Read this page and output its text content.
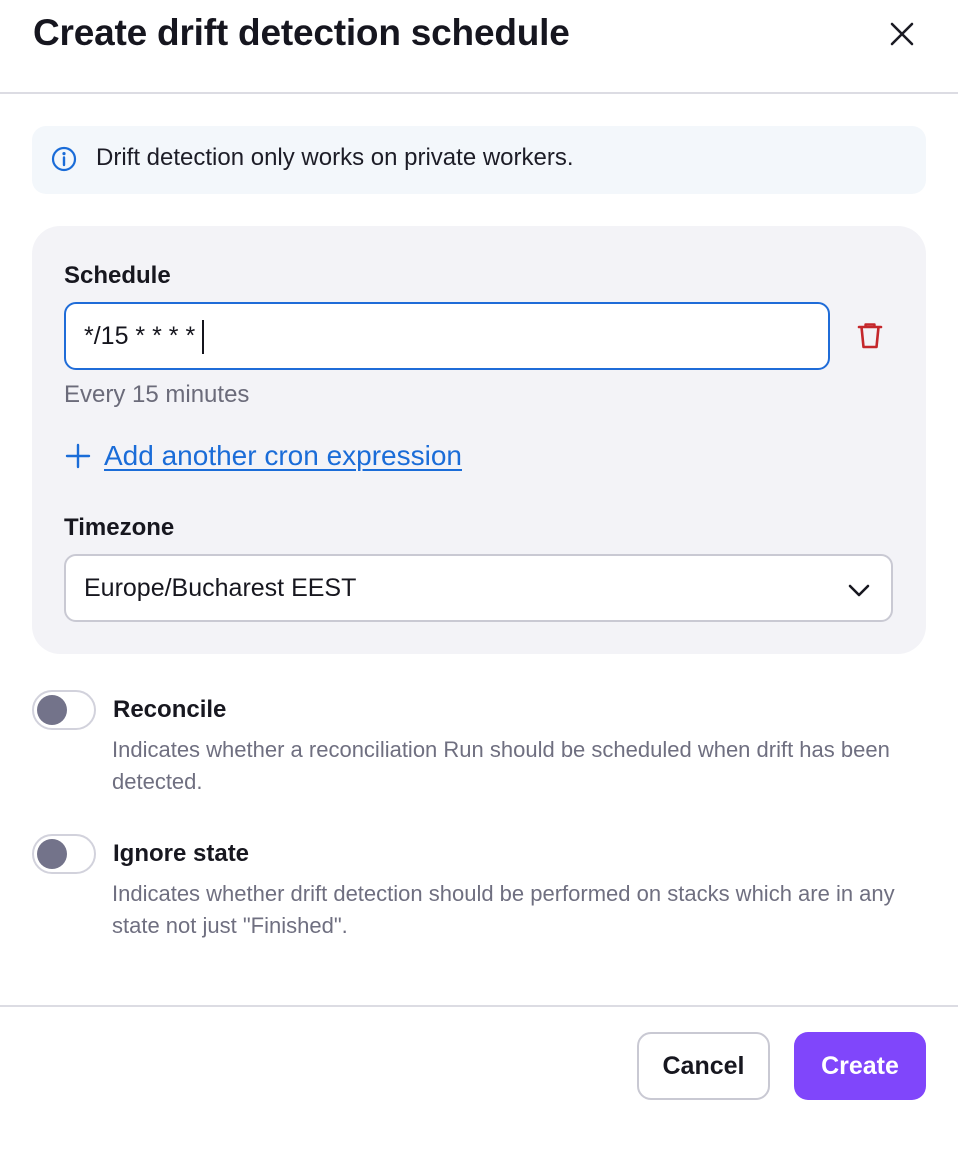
Create drift detection schedule
Drift detection only works on private workers.
Schedule
*/15 * * * *
Every 15 minutes
Add another cron expression
Timezone
Europe/Bucharest EEST
Reconcile

Indicates whether a reconciliation Run should be scheduled when drift has been detected.

Ignore state

Indicates whether drift detection should be performed on stacks which are in any state not just "Finished".

Cancel	Create
